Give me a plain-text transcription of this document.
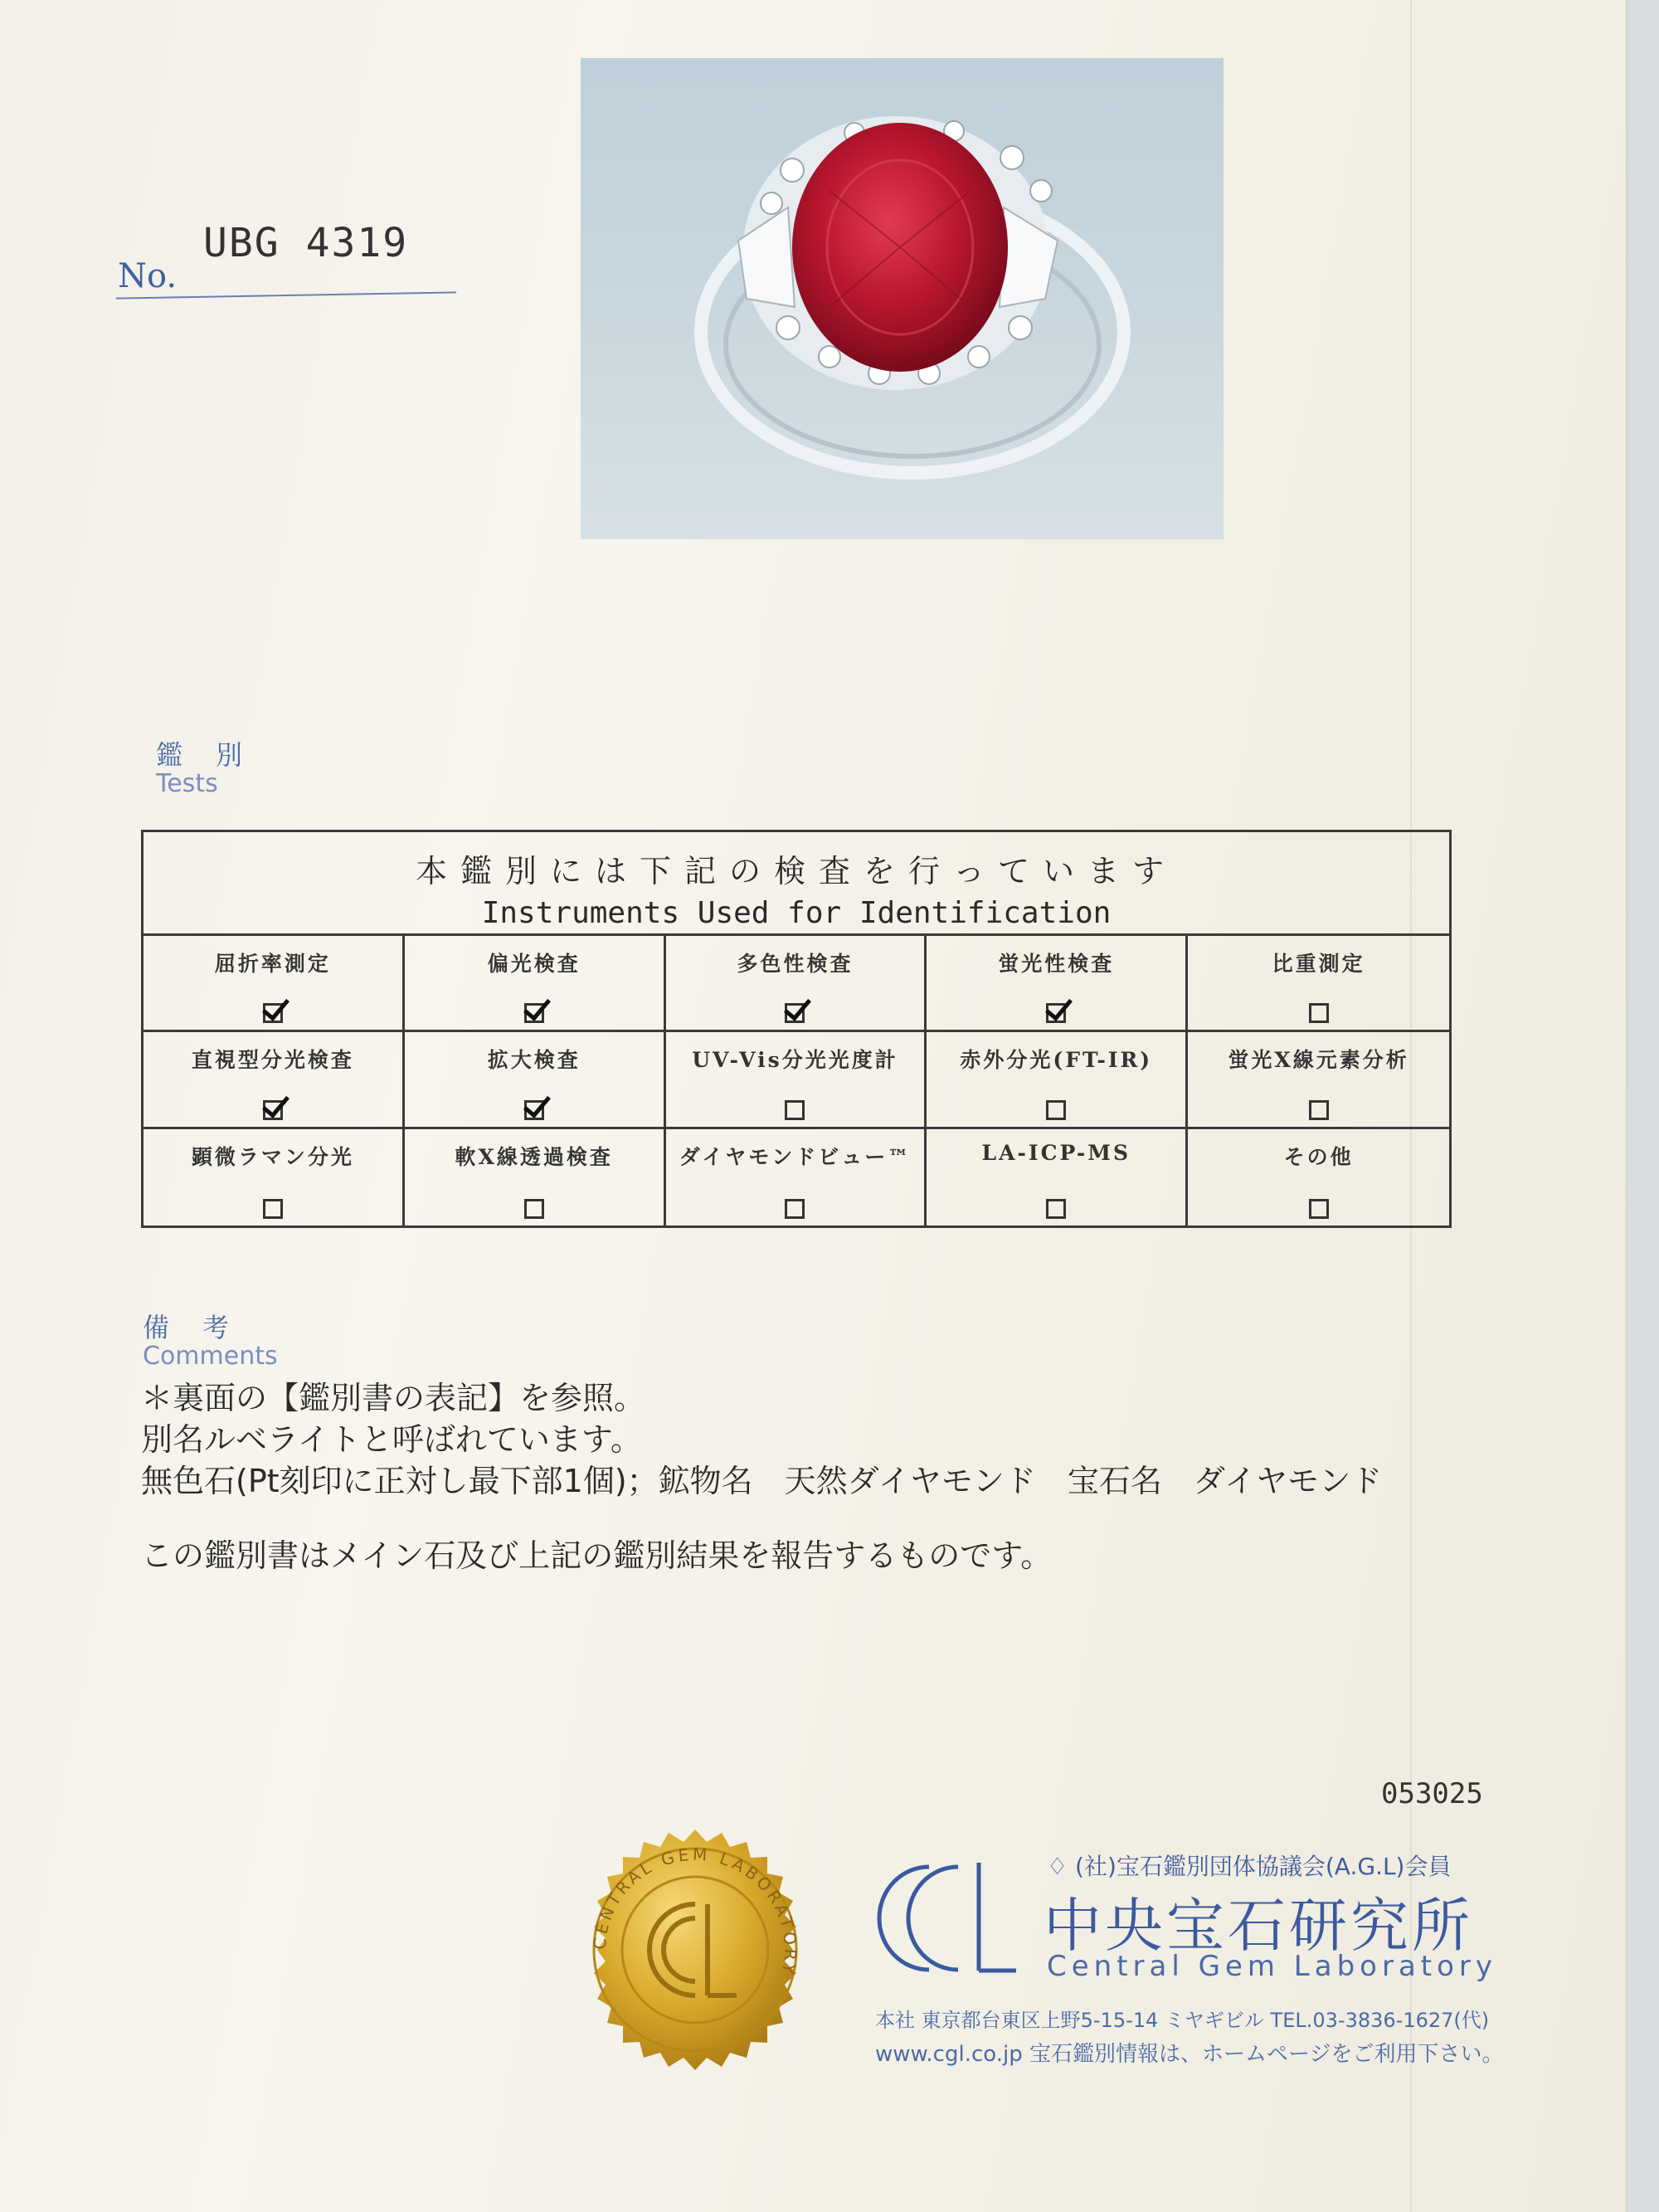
No.
UBG 4319
鑑別
Tests
本鑑別には下記の検査を行っています
Instruments Used for Identification
屈折率測定	偏光検査	多色性検査	蛍光性検査	比重測定
直視型分光検査	拡大検査	UV-Vis分光光度計	赤外分光(FT-IR)	蛍光X線元素分析
顕微ラマン分光	軟X線透過検査	ダイヤモンドビュー™	LA-ICP-MS	その他
備考
Comments
＊裏面の【鑑別書の表記】を参照。
別名ルベライトと呼ばれています。
無色石(Pt刻印に正対し最下部1個)；鉱物名　天然ダイヤモンド　宝石名　ダイヤモンド
この鑑別書はメイン石及び上記の鑑別結果を報告するものです。
053025
CENTRAL GEM LABORATORY
♢ (社)宝石鑑別団体協議会(A.G.L)会員
中央宝石研究所
Central Gem Laboratory
本社 東京都台東区上野5-15-14 ミヤギビル TEL.03-3836-1627(代)
www.cgl.co.jp 宝石鑑別情報は、ホームページをご利用下さい。
